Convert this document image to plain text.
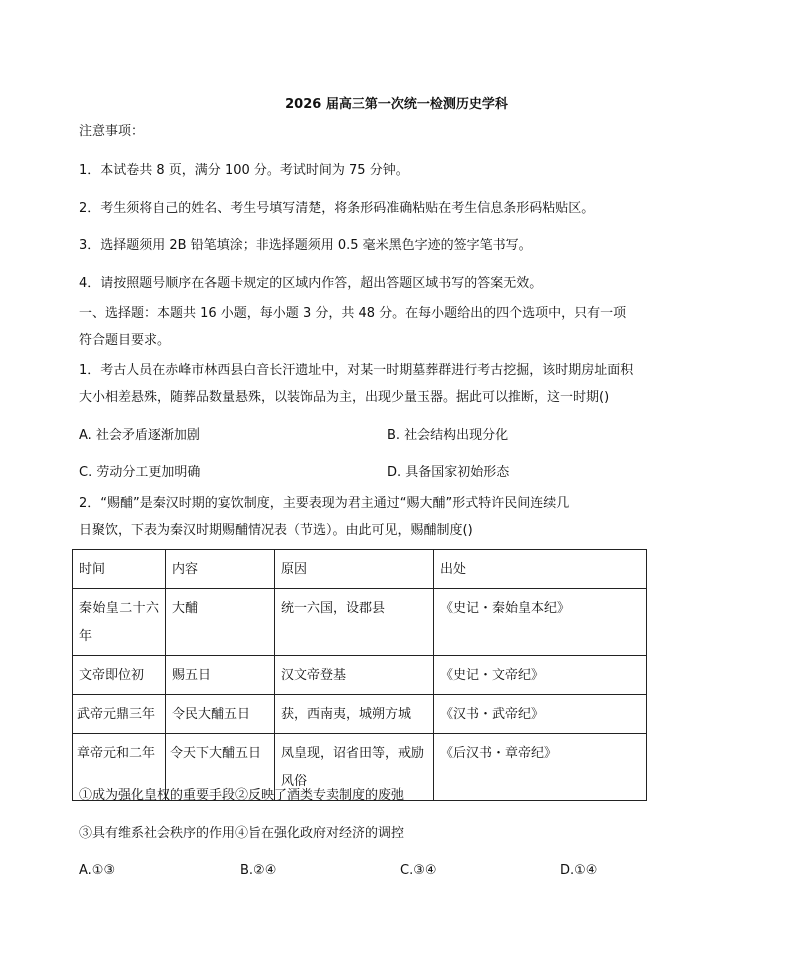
2026 届高三第一次统一检测历史学科
注意事项：
1．本试卷共 8 页，满分 100 分。考试时间为 75 分钟。
2．考生须将自己的姓名、考生号填写清楚，将条形码准确粘贴在考生信息条形码粘贴区。
3．选择题须用 2B 铅笔填涂；非选择题须用 0.5 毫米黑色字迹的签字笔书写。
4．请按照题号顺序在各题卡规定的区域内作答，超出答题区域书写的答案无效。
一、选择题：本题共 16 小题，每小题 3 分，共 48 分。在每小题给出的四个选项中，只有一项
符合题目要求。
1．考古人员在赤峰市林西县白音长汗遗址中，对某一时期墓葬群进行考古挖掘，该时期房址面积
大小相差悬殊，随葬品数量悬殊，以装饰品为主，出现少量玉器。据此可以推断，这一时期()
A. 社会矛盾逐渐加剧	B. 社会结构出现分化
C. 劳动分工更加明确	D. 具备国家初始形态
2．“赐酺”是秦汉时期的宴饮制度，主要表现为君主通过“赐大酺”形式特许民间连续几
日聚饮，下表为秦汉时期赐酺情况表（节选）。由此可见，赐酺制度()
时间	内容	原因	出处
秦始皇二十六年	大酺	统一六国，设郡县	《史记・秦始皇本纪》
文帝即位初	赐五日	汉文帝登基	《史记・文帝纪》
武帝元鼎三年	令民大酺五日	获，西南夷，城朔方城	《汉书・武帝纪》
章帝元和二年	令天下大酺五日	凤皇现，诏省田等，戒励风俗	《后汉书・章帝纪》
①成为强化皇权的重要手段②反映了酒类专卖制度的废弛
③具有维系社会秩序的作用④旨在强化政府对经济的调控
A.①③	B.②④	C.③④	D.①④
